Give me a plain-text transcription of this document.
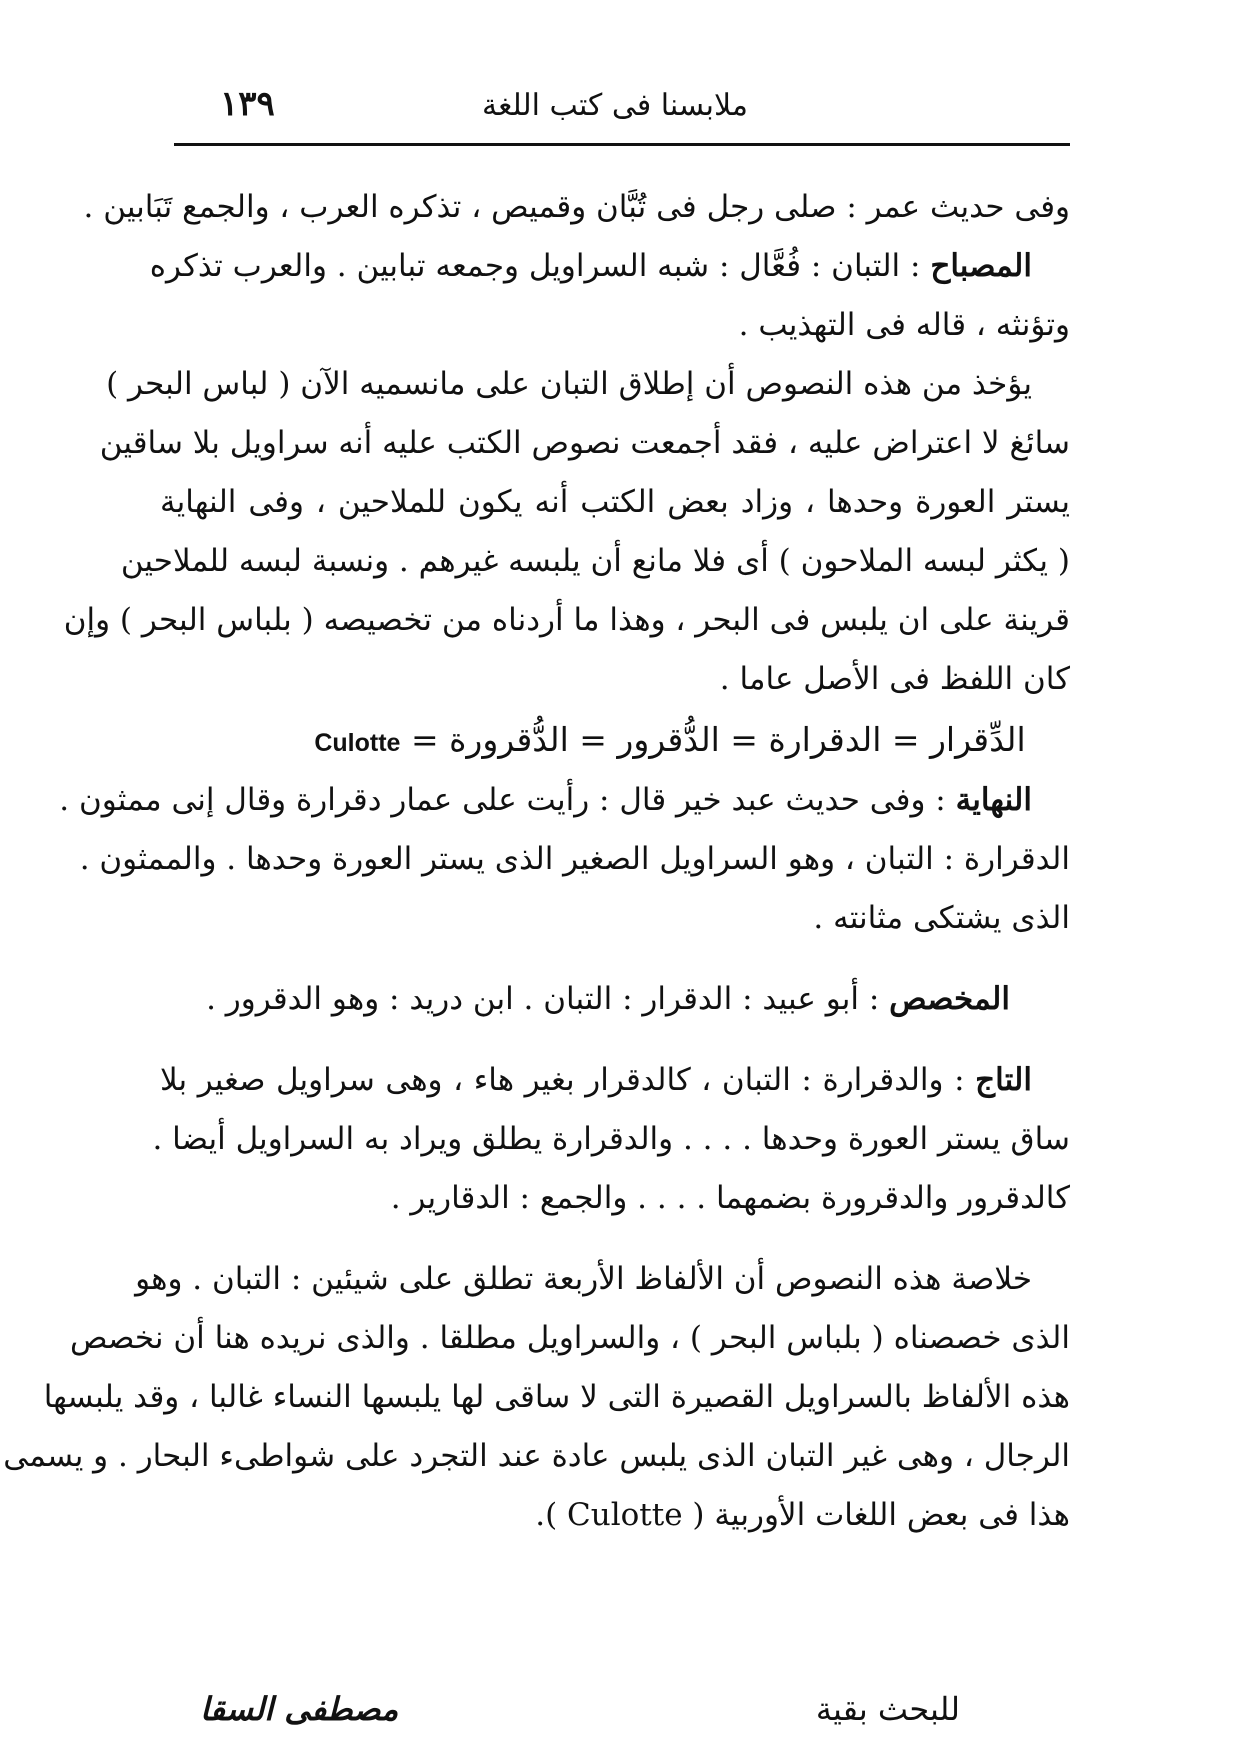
ملابسنا فى كتب اللغة
١٣٩
وفى حديث عمر : صلى رجل فى تُبَّان وقميص ، تذكره العرب ، والجمع تَبَابين .
المصباح : التبان : فُعَّال : شبه السراويل وجمعه تبابين . والعرب تذكره
وتؤنثه ، قاله فى التهذيب .
يؤخذ من هذه النصوص أن إطلاق التبان على مانسميه الآن ( لباس البحر )
سائغ لا اعتراض عليه ، فقد أجمعت نصوص الكتب عليه أنه سراويل بلا ساقين
يستر العورة وحدها ، وزاد بعض الكتب أنه يكون للملاحين ، وفى النهاية
( يكثر لبسه الملاحون ) أى فلا مانع أن يلبسه غيرهم . ونسبة لبسه للملاحين
قرينة على ان يلبس فى البحر ، وهذا ما أردناه من تخصيصه ( بلباس البحر ) وإن
كان اللفظ فى الأصل عاما .
الدِّقرار = الدقرارة = الدُّقرور = الدُّقرورة = Culotte
النهاية : وفى حديث عبد خير قال : رأيت على عمار دقرارة وقال إنى ممثون .
الدقرارة : التبان ، وهو السراويل الصغير الذى يستر العورة وحدها . والممثون .
الذى يشتكى مثانته .
المخصص : أبو عبيد : الدقرار : التبان . ابن دريد : وهو الدقرور .
التاج : والدقرارة : التبان ، كالدقرار بغير هاء ، وهى سراويل صغير بلا
ساق يستر العورة وحدها . . . . والدقرارة يطلق ويراد به السراويل أيضا .
كالدقرور والدقرورة بضمهما . . . . والجمع : الدقارير .
خلاصة هذه النصوص أن الألفاظ الأربعة تطلق على شيئين : التبان . وهو
الذى خصصناه ( بلباس البحر ) ، والسراويل مطلقا . والذى نريده هنا أن نخصص
هذه الألفاظ بالسراويل القصيرة التى لا ساقى لها يلبسها النساء غالبا ، وقد يلبسها
الرجال ، وهى غير التبان الذى يلبس عادة عند التجرد على شواطىء البحار . و يسمى
هذا فى بعض اللغات الأوربية ( Culotte ).
للبحث بقية
مصطفى السقا
